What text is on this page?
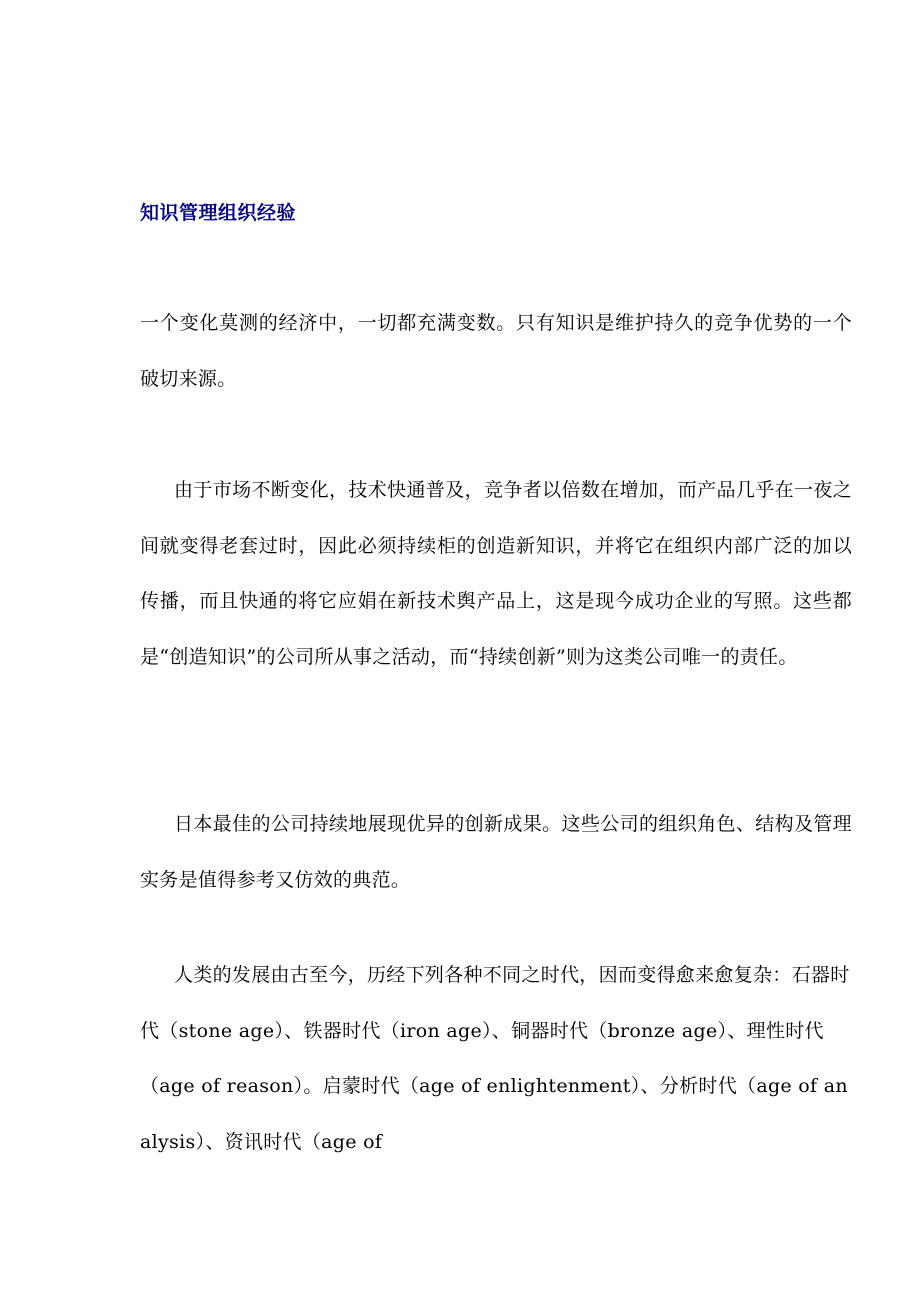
知识管理组织经验

一个变化莫测的经济中，一切都充满变数。只有知识是维护持久的竞争优势的一个破切来源。

由于市场不断变化，技术快通普及，竞争者以倍数在增加，而产品几乎在一夜之间就变得老套过时，因此必须持续柜的创造新知识，并将它在组织内部广泛的加以传播，而且快通的将它应娟在新技术舆产品上，这是现今成功企业的写照。这些都是“创造知识”的公司所从事之活动，而“持续创新”则为这类公司唯一的责任。

日本最佳的公司持续地展现优异的创新成果。这些公司的组织角色、结构及管理实务是值得参考又仿效的典范。

人类的发展由古至今，历经下列各种不同之时代，因而变得愈来愈复杂：石器时代（stone age）、铁器时代（iron age）、铜器时代（bronze age）、理性时代（age of reason）。启蒙时代（age of enlightenment）、分析时代（age of analysis）、资讯时代（age of
